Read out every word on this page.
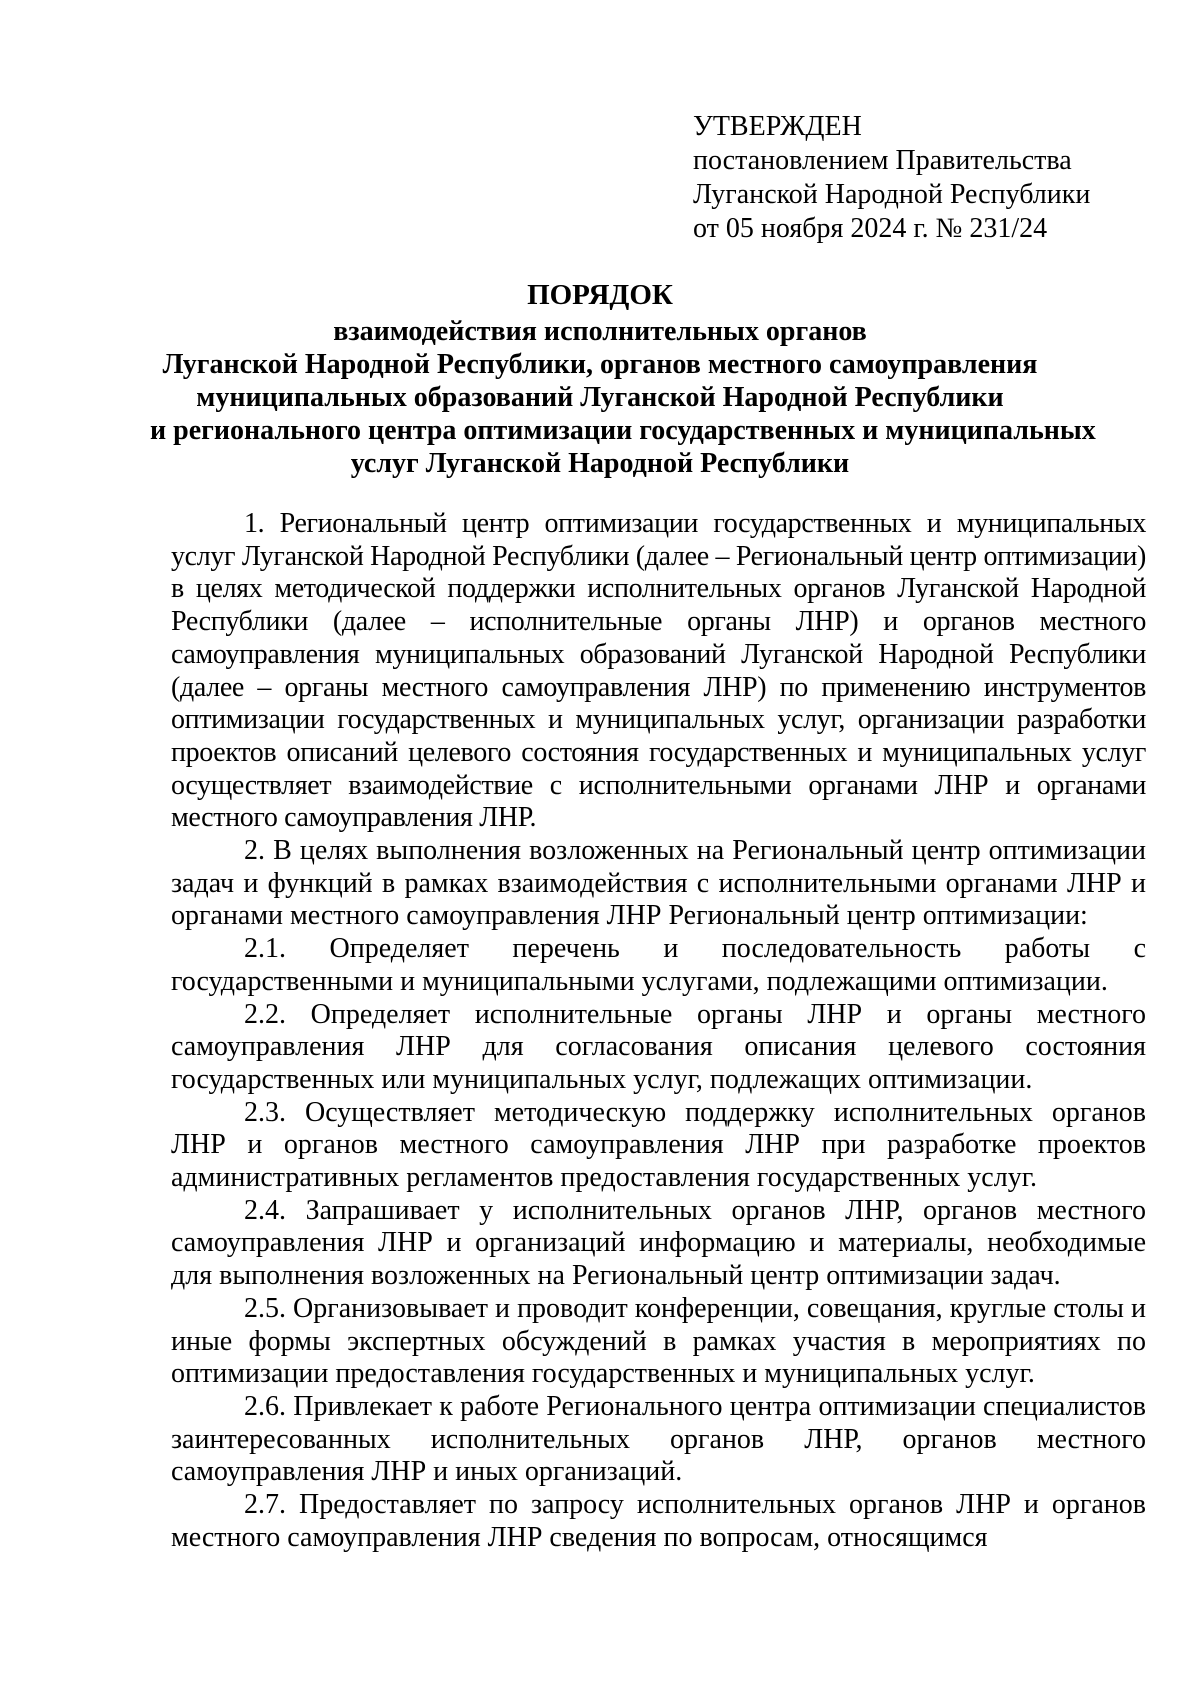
УТВЕРЖДЕН
постановлением Правительства
Луганской Народной Республики
от 05 ноября 2024 г. № 231/24
ПОРЯДОК
взаимодействия исполнительных органов
Луганской Народной Республики, органов местного самоуправления
муниципальных образований Луганской Народной Республики
и регионального центра оптимизации государственных и муниципальных
услуг Луганской Народной Республики

1. Региональный центр оптимизации государственных и муниципальных услуг Луганской Народной Республики (далее – Региональный центр оптимизации) в целях методической поддержки исполнительных органов Луганской Народной Республики (далее – исполнительные органы ЛНР) и органов местного самоуправления муниципальных образований Луганской Народной Республики (далее – органы местного самоуправления ЛНР) по применению инструментов оптимизации государственных и муниципальных услуг, организации разработки проектов описаний целевого состояния государственных и муниципальных услуг осуществляет взаимодействие с исполнительными органами ЛНР и органами местного самоуправления ЛНР.

2. В целях выполнения возложенных на Региональный центр оптимизации задач и функций в рамках взаимодействия с исполнительными органами ЛНР и органами местного самоуправления ЛНР Региональный центр оптимизации:

2.1. Определяет перечень и последовательность работы с государственными и муниципальными услугами, подлежащими оптимизации.

2.2. Определяет исполнительные органы ЛНР и органы местного самоуправления ЛНР для согласования описания целевого состояния государственных или муниципальных услуг, подлежащих оптимизации.

2.3. Осуществляет методическую поддержку исполнительных органов ЛНР и органов местного самоуправления ЛНР при разработке проектов административных регламентов предоставления государственных услуг.

2.4. Запрашивает у исполнительных органов ЛНР, органов местного самоуправления ЛНР и организаций информацию и материалы, необходимые для выполнения возложенных на Региональный центр оптимизации задач.

2.5. Организовывает и проводит конференции, совещания, круглые столы и иные формы экспертных обсуждений в рамках участия в мероприятиях по оптимизации предоставления государственных и муниципальных услуг.

2.6. Привлекает к работе Регионального центра оптимизации специалистов заинтересованных исполнительных органов ЛНР, органов местного самоуправления ЛНР и иных организаций.

2.7. Предоставляет по запросу исполнительных органов ЛНР и органов местного самоуправления ЛНР сведения по вопросам, относящимся
